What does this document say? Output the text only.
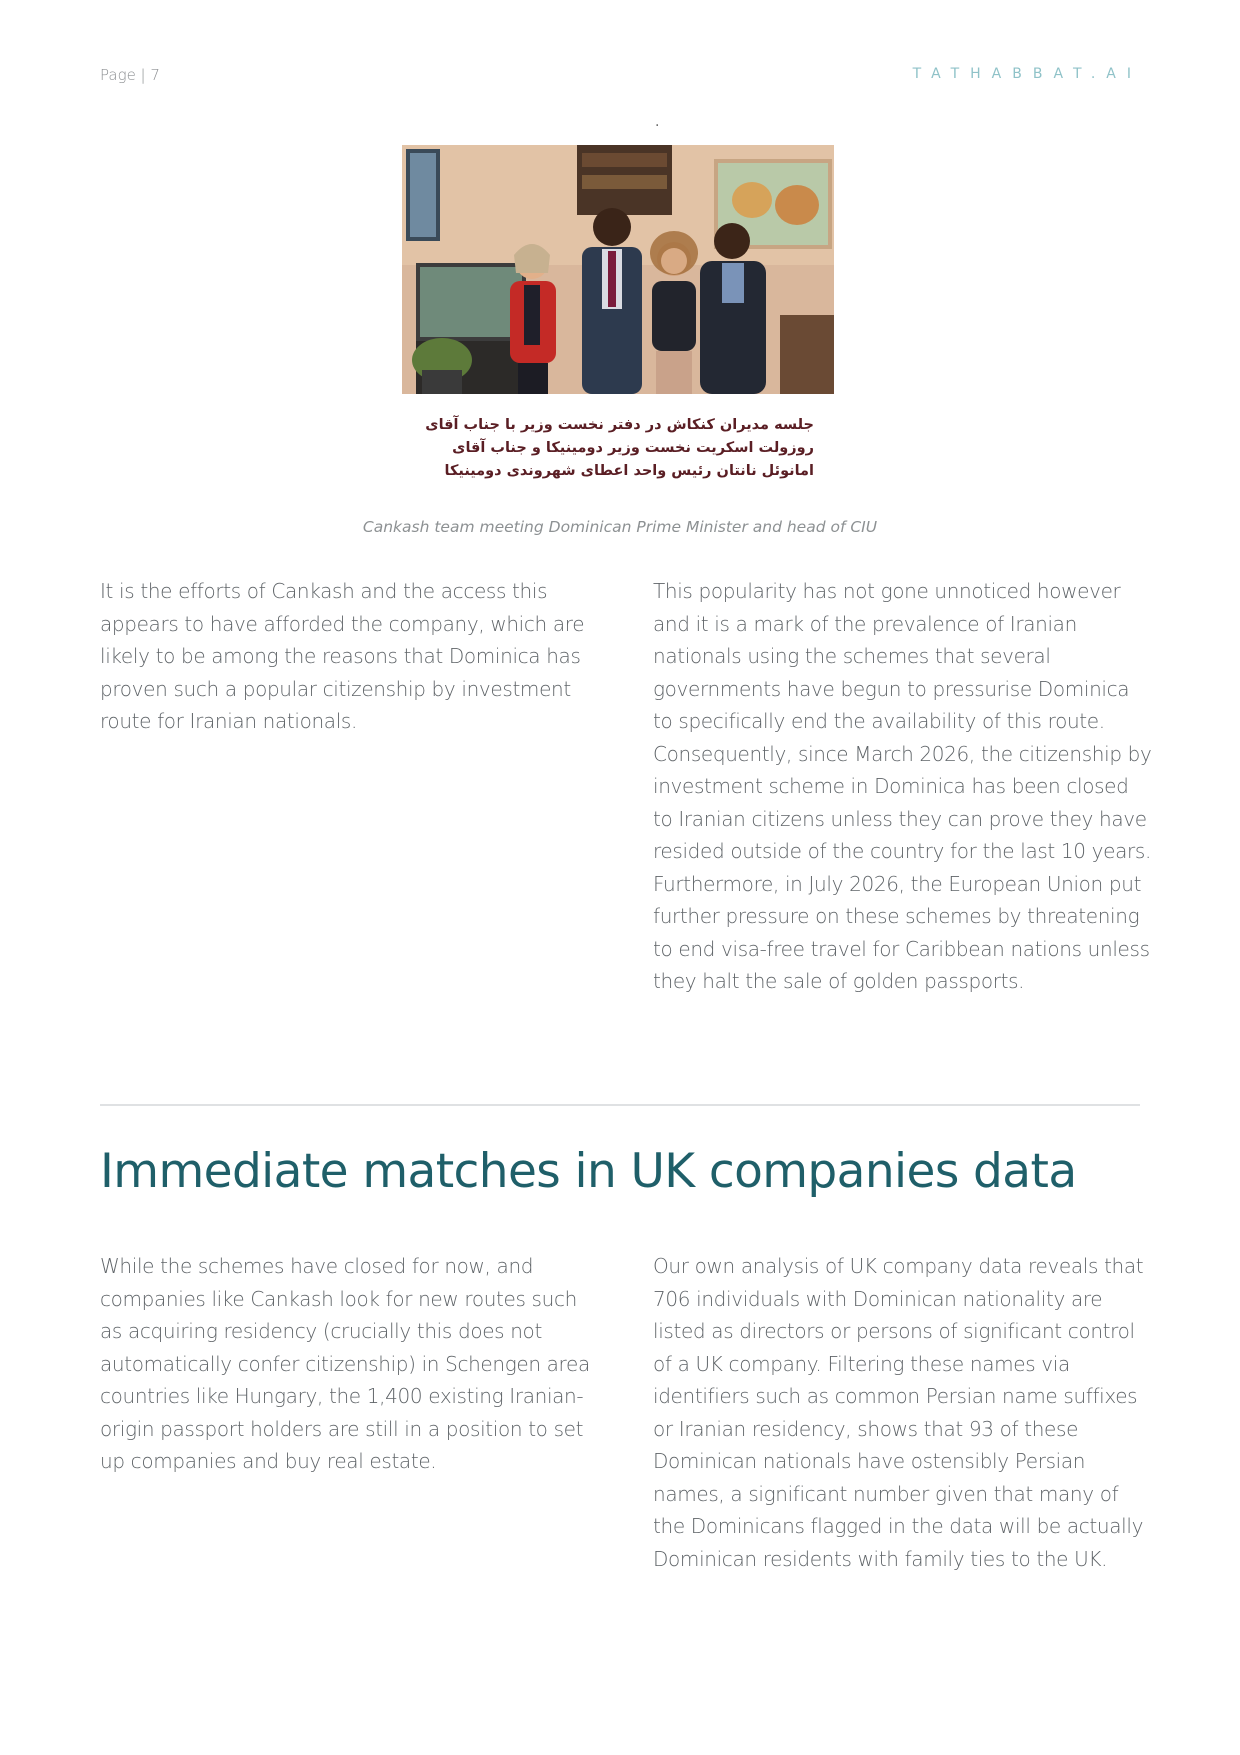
Page | 7	TATHABBAT.AI
.
جلسه مدیران کنکاش در دفتر نخست وزیر با جناب آقای
روزولت اسکریت نخست وزیر دومینیکا و جناب آقای
امانوئل نانتان رئیس واحد اعطای شهروندی دومینیکا
Cankash team meeting Dominican Prime Minister and head of CIU

It is the efforts of Cankash and the access this appears to have afforded the company, which are likely to be among the reasons that Dominica has proven such a popular citizenship by investment route for Iranian nationals.

This popularity has not gone unnoticed however and it is a mark of the prevalence of Iranian nationals using the schemes that several governments have begun to pressurise Dominica to specifically end the availability of this route. Consequently, since March 2026, the citizenship by investment scheme in Dominica has been closed to Iranian citizens unless they can prove they have resided outside of the country for the last 10 years. Furthermore, in July 2026, the European Union put further pressure on these schemes by threatening to end visa-free travel for Caribbean nations unless they halt the sale of golden passports.

Immediate matches in UK companies data

While the schemes have closed for now, and companies like Cankash look for new routes such as acquiring residency (crucially this does not automatically confer citizenship) in Schengen area countries like Hungary, the 1,400 existing Iranian-origin passport holders are still in a position to set up companies and buy real estate.

Our own analysis of UK company data reveals that 706 individuals with Dominican nationality are listed as directors or persons of significant control of a UK company. Filtering these names via identifiers such as common Persian name suffixes or Iranian residency, shows that 93 of these Dominican nationals have ostensibly Persian names, a significant number given that many of the Dominicans flagged in the data will be actually Dominican residents with family ties to the UK.
